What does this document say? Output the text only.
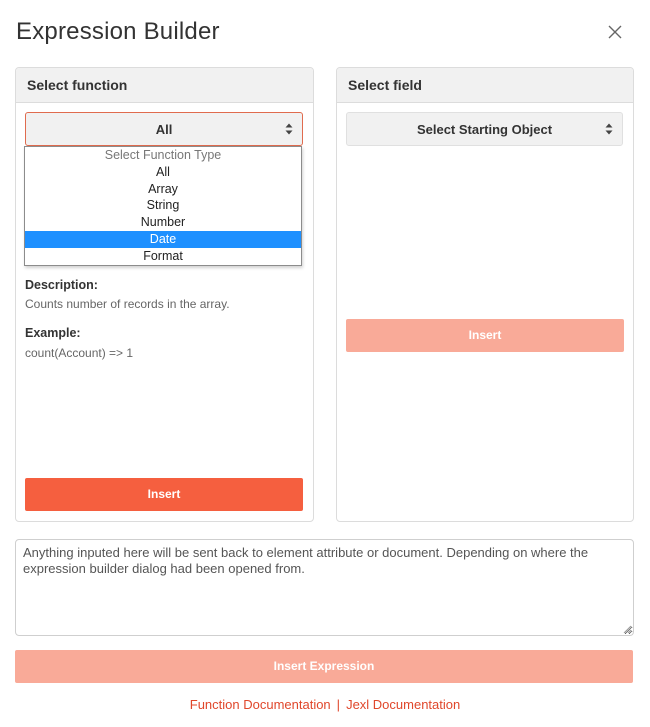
Expression Builder
Select function
All
Description:
Counts number of records in the array.
Example:
count(Account) => 1
Insert
Select Function Type
All
Array
String
Number
Date
Format
Select field
Select Starting Object
Insert
Anything inputed here will be sent back to element attribute or document. Depending on where the expression builder dialog had been opened from.
Insert Expression
Function Documentation | Jexl Documentation
